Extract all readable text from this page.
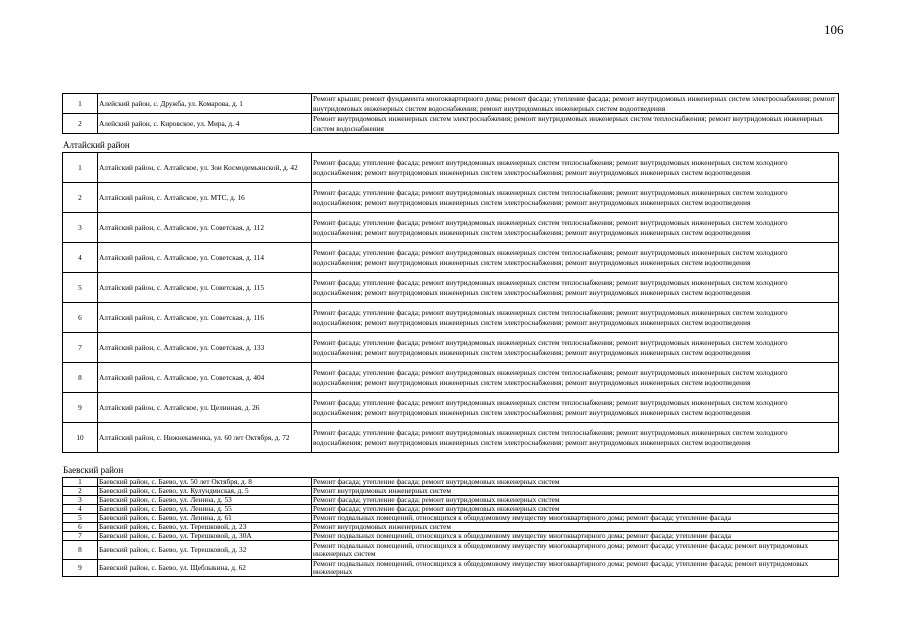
106
1	Алейский район, с. Дружба, ул. Комарова, д. 1	Ремонт крыши; ремонт фундамента многоквартирного дома; ремонт фасада; утепление фасада; ремонт внутридомовых инженерных систем электроснабжения; ремонт внутридомовых инженерных систем водоснабжения; ремонт внутридомовых инженерных систем водоотведения
2	Алейский район, с. Кировское, ул. Мира, д. 4	Ремонт внутридомовых инженерных систем электроснабжения; ремонт внутридомовых инженерных систем теплоснабжения; ремонт внутридомовых инженерных систем водоснабжения
Алтайский район
1	Алтайский район, с. Алтайское, ул. Зои Космодемьянской, д. 42	Ремонт фасада; утепление фасада; ремонт внутридомовых инженерных систем теплоснабжения; ремонт внутридомовых инженерных систем холодного водоснабжения; ремонт внутридомовых инженерных систем электроснабжения; ремонт внутридомовых инженерных систем водоотведения
2	Алтайский район, с. Алтайское, ул. МТС, д. 16	Ремонт фасада; утепление фасада; ремонт внутридомовых инженерных систем теплоснабжения; ремонт внутридомовых инженерных систем холодного водоснабжения; ремонт внутридомовых инженерных систем электроснабжения; ремонт внутридомовых инженерных систем водоотведения
3	Алтайский район, с. Алтайское, ул. Советская, д. 112	Ремонт фасада; утепление фасада; ремонт внутридомовых инженерных систем теплоснабжения; ремонт внутридомовых инженерных систем холодного водоснабжения; ремонт внутридомовых инженерных систем электроснабжения; ремонт внутридомовых инженерных систем водоотведения
4	Алтайский район, с. Алтайское, ул. Советская, д. 114	Ремонт фасада; утепление фасада; ремонт внутридомовых инженерных систем теплоснабжения; ремонт внутридомовых инженерных систем холодного водоснабжения; ремонт внутридомовых инженерных систем электроснабжения; ремонт внутридомовых инженерных систем водоотведения
5	Алтайский район, с. Алтайское, ул. Советская, д. 115	Ремонт фасада; утепление фасада; ремонт внутридомовых инженерных систем теплоснабжения; ремонт внутридомовых инженерных систем холодного водоснабжения; ремонт внутридомовых инженерных систем электроснабжения; ремонт внутридомовых инженерных систем водоотведения
6	Алтайский район, с. Алтайское, ул. Советская, д. 116	Ремонт фасада; утепление фасада; ремонт внутридомовых инженерных систем теплоснабжения; ремонт внутридомовых инженерных систем холодного водоснабжения; ремонт внутридомовых инженерных систем электроснабжения; ремонт внутридомовых инженерных систем водоотведения
7	Алтайский район, с. Алтайское, ул. Советская, д. 133	Ремонт фасада; утепление фасада; ремонт внутридомовых инженерных систем теплоснабжения; ремонт внутридомовых инженерных систем холодного водоснабжения; ремонт внутридомовых инженерных систем электроснабжения; ремонт внутридомовых инженерных систем водоотведения
8	Алтайский район, с. Алтайское, ул. Советская, д. 404	Ремонт фасада; утепление фасада; ремонт внутридомовых инженерных систем теплоснабжения; ремонт внутридомовых инженерных систем холодного водоснабжения; ремонт внутридомовых инженерных систем электроснабжения; ремонт внутридомовых инженерных систем водоотведения
9	Алтайский район, с. Алтайское, ул. Целинная, д. 26	Ремонт фасада; утепление фасада; ремонт внутридомовых инженерных систем теплоснабжения; ремонт внутридомовых инженерных систем холодного водоснабжения; ремонт внутридомовых инженерных систем электроснабжения; ремонт внутридомовых инженерных систем водоотведения
10	Алтайский район, с. Нижнекаменка, ул. 60 лет Октября, д. 72	Ремонт фасада; утепление фасада; ремонт внутридомовых инженерных систем теплоснабжения; ремонт внутридомовых инженерных систем холодного водоснабжения; ремонт внутридомовых инженерных систем электроснабжения; ремонт внутридомовых инженерных систем водоотведения
Баевский район
1	Баевский район, с. Баево, ул. 50 лет Октября, д. 8	Ремонт фасада; утепление фасада; ремонт внутридомовых инженерных систем
2	Баевский район, с. Баево, ул. Кулундинская, д. 5	Ремонт внутридомовых инженерных систем
3	Баевский район, с. Баево, ул. Ленина, д. 53	Ремонт фасада; утепление фасада; ремонт внутридомовых инженерных систем
4	Баевский район, с. Баево, ул. Ленина, д. 55	Ремонт фасада; утепление фасада; ремонт внутридомовых инженерных систем
5	Баевский район, с. Баево, ул. Ленина, д. 61	Ремонт подвальных помещений, относящихся к общедомовому имуществу многоквартирного дома; ремонт фасада; утепление фасада
6	Баевский район, с. Баево, ул. Терешковой, д. 23	Ремонт внутридомовых инженерных систем
7	Баевский район, с. Баево, ул. Терешковой, д. 30А	Ремонт подвальных помещений, относящихся к общедомовому имуществу многоквартирного дома; ремонт фасада; утепление фасада
8	Баевский район, с. Баево, ул. Терешковой, д. 32	Ремонт подвальных помещений, относящихся к общедомовому имуществу многоквартирного дома; ремонт фасада; утепление фасада; ремонт внутридомовых инженерных систем
9	Баевский район, с. Баево, ул. Щеблыкина, д. 62	Ремонт подвальных помещений, относящихся к общедомовому имуществу многоквартирного дома; ремонт фасада; утепление фасада; ремонт внутридомовых инженерных
